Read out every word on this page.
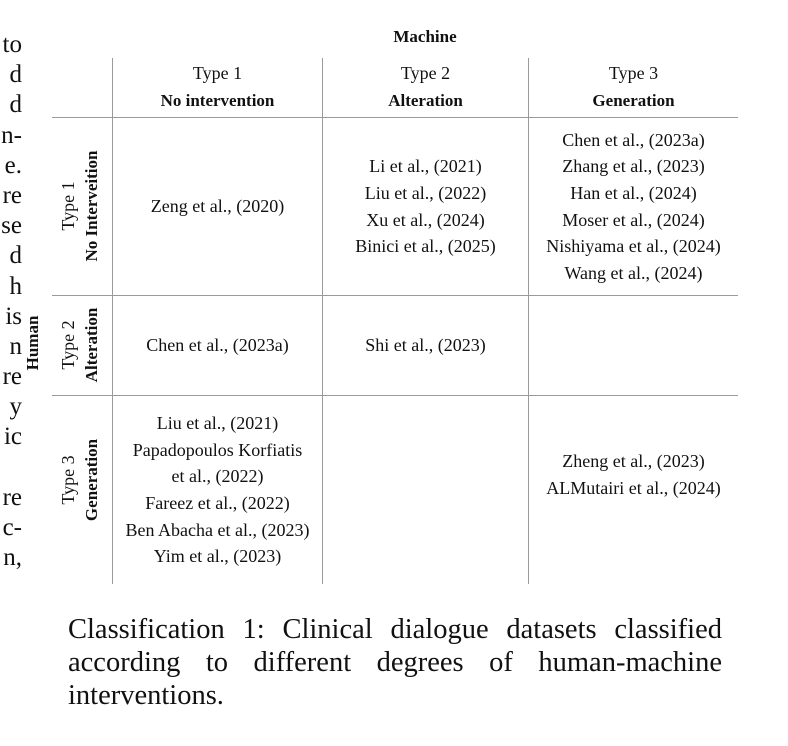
to
d
d
n-
e.
re
se
d
h
is
n
re
y
ic
re
c-
n,
Machine
Type 1
No intervention
Type 2
Alteration
Type 3
Generation
Human
Type 1 No Interveition
Type 2 Alteration
Type 3 Generation
Zeng et al., (2020)
Li et al., (2021)
Liu et al., (2022)
Xu et al., (2024)
Binici et al., (2025)
Chen et al., (2023a)
Zhang et al., (2023)
Han et al., (2024)
Moser et al., (2024)
Nishiyama et al., (2024)
Wang et al., (2024)
Chen et al., (2023a)	Shi et al., (2023)
Liu et al., (2021)
Papadopoulos Korfiatis
et al., (2022)
Fareez et al., (2022)
Ben Abacha et al., (2023)
Yim et al., (2023)
Zheng et al., (2023)
ALMutairi et al., (2024)
Classification 1: Clinical dialogue datasets classified according to different degrees of human-machine interventions.
